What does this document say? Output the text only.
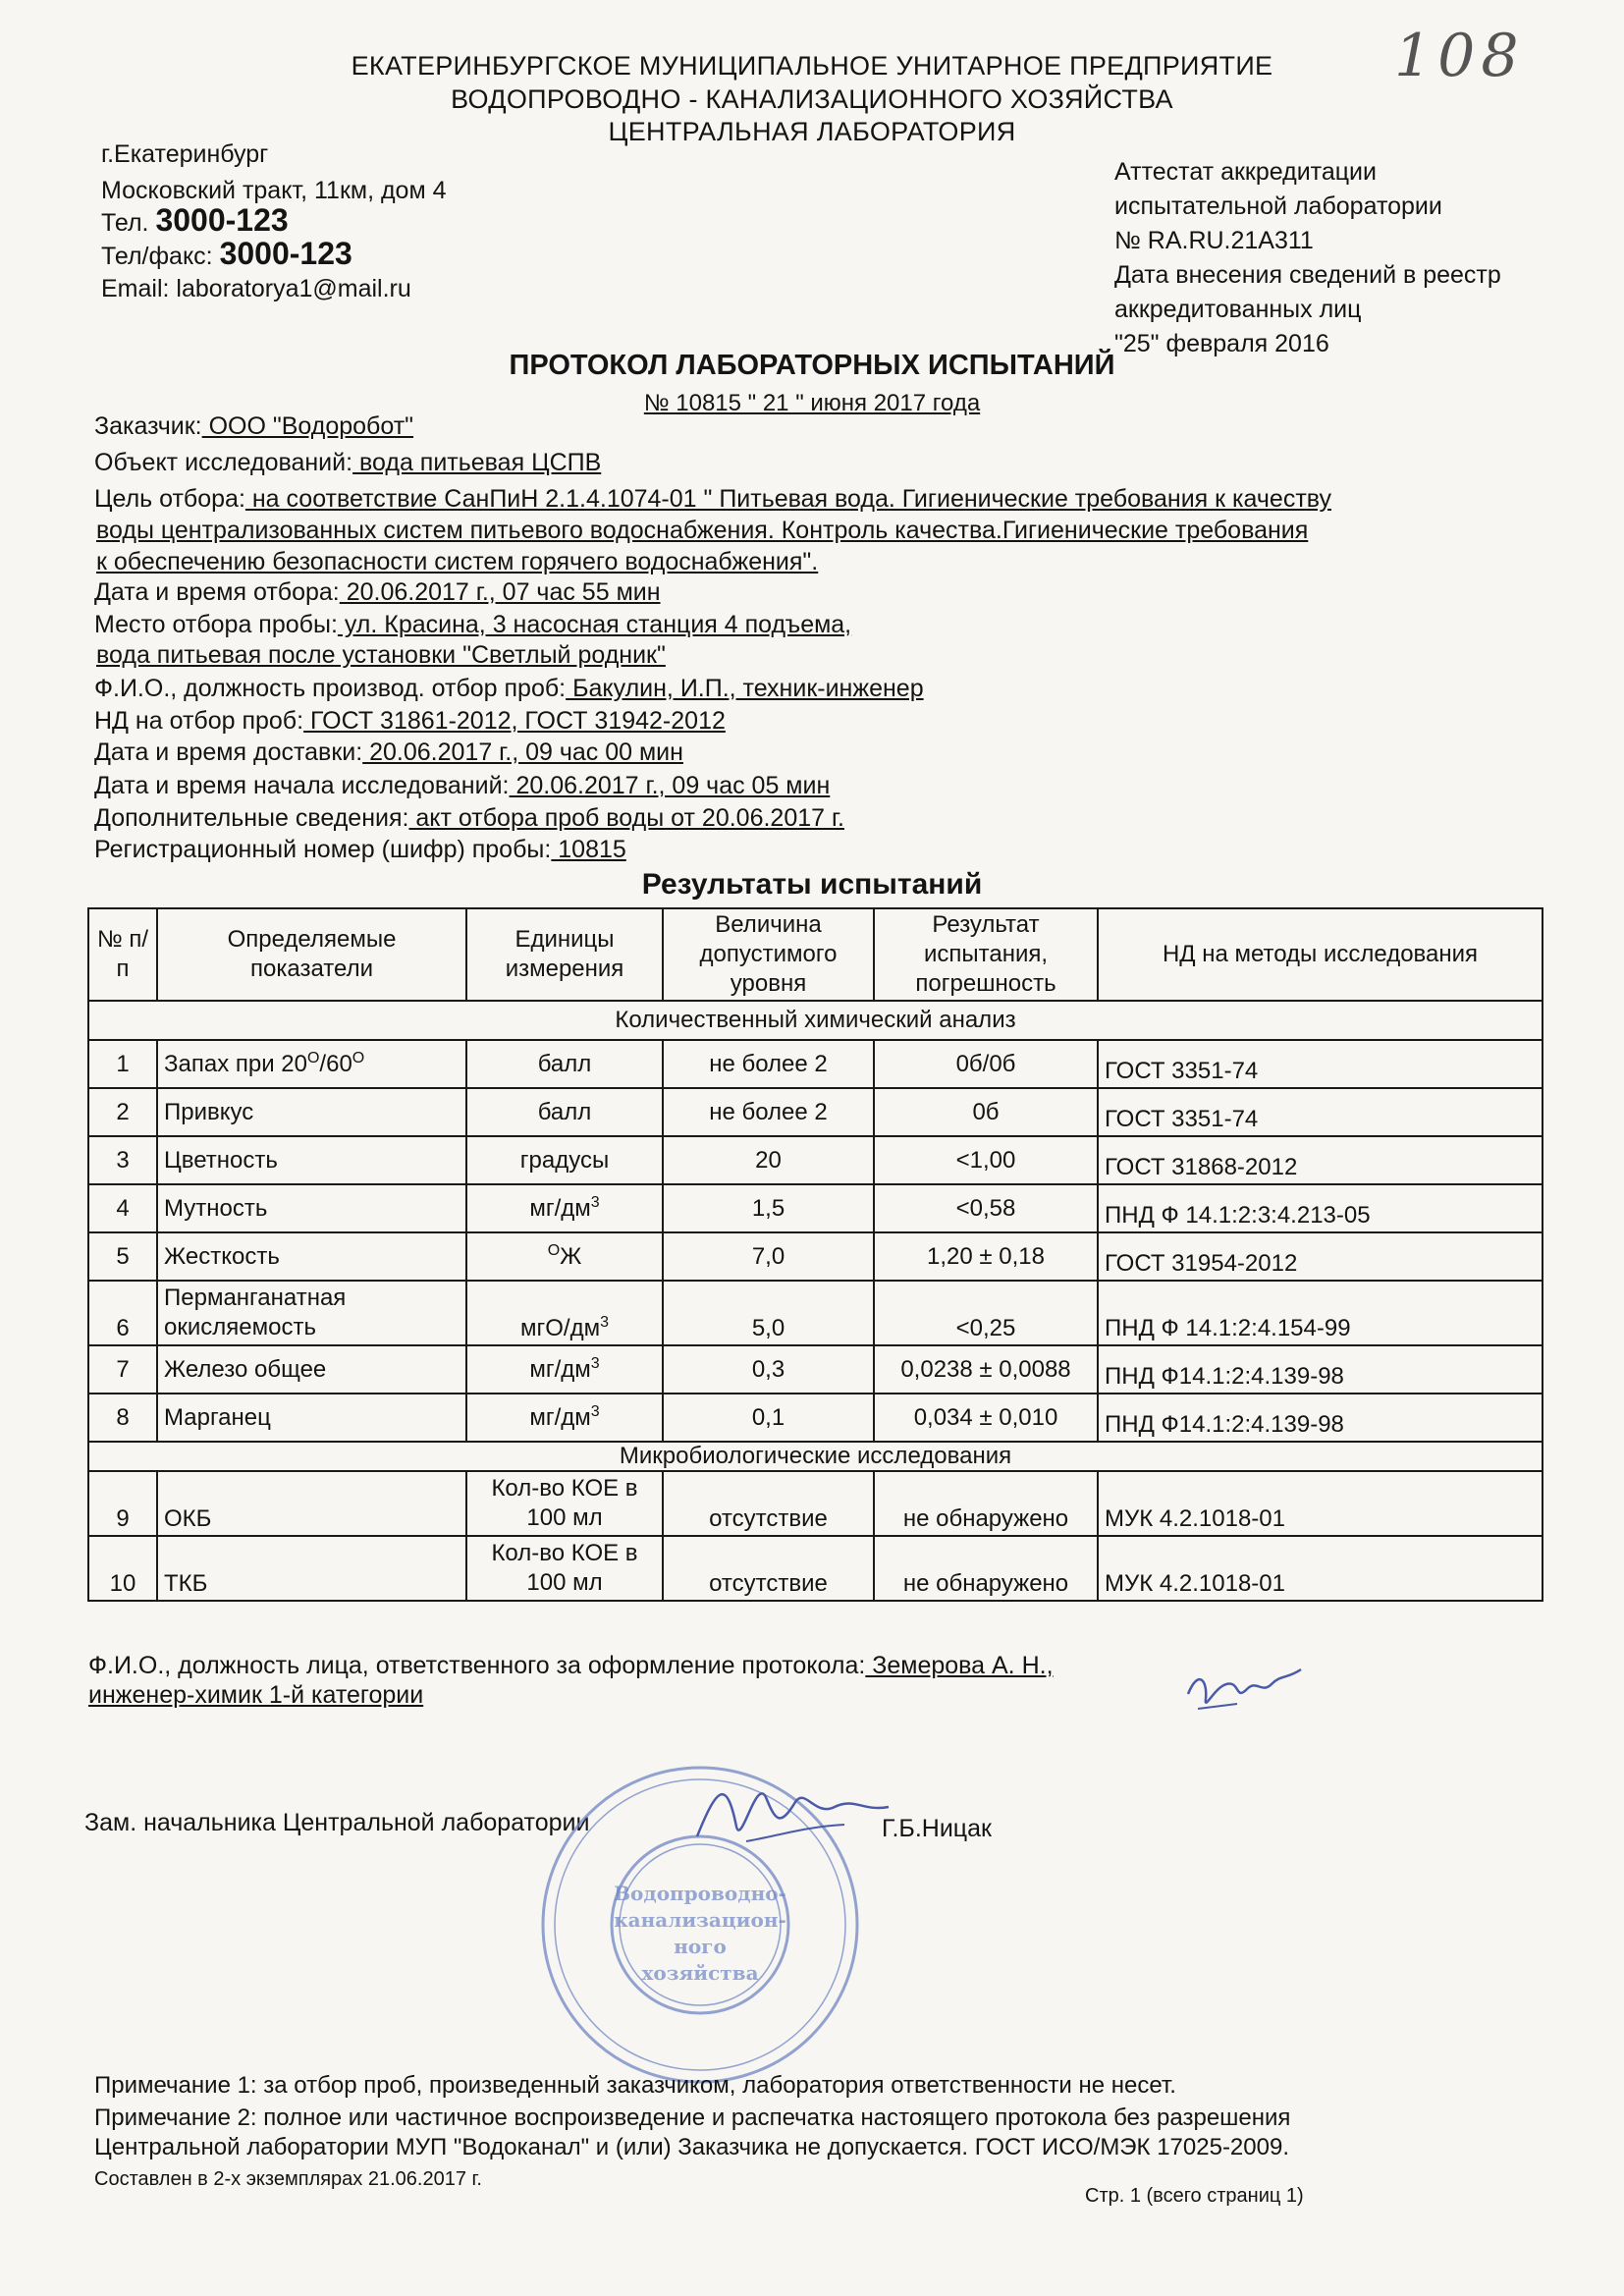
ЕКАТЕРИНБУРГСКОЕ МУНИЦИПАЛЬНОЕ УНИТАРНОЕ ПРЕДПРИЯТИЕ
ВОДОПРОВОДНО - КАНАЛИЗАЦИОННОГО ХОЗЯЙСТВА
ЦЕНТРАЛЬНАЯ ЛАБОРАТОРИЯ
108
г.Екатеринбург
Московский тракт, 11км, дом 4
Тел. 3000-123
Тел/факс: 3000-123
Email: laboratorya1@mail.ru
Аттестат аккредитации
испытательной лаборатории
№ RA.RU.21A311
Дата внесения сведений в реестр
аккредитованных лиц
"25" февраля 2016
ПРОТОКОЛ ЛАБОРАТОРНЫХ ИСПЫТАНИЙ
№ 10815 " 21 " июня 2017 года
Заказчик: ООО "Водоробот"
Объект исследований: вода питьевая ЦСПВ
Цель отбора: на соответствие СанПиН 2.1.4.1074-01 " Питьевая вода. Гигиенические требования к качеству
воды централизованных систем питьевого водоснабжения. Контроль качества.Гигиенические требования
к обеспечению безопасности систем горячего водоснабжения".
Дата и время отбора: 20.06.2017 г., 07 час 55 мин
Место отбора пробы: ул. Красина, 3 насосная станция 4 подъема,
вода питьевая после установки "Светлый родник"
Ф.И.О., должность производ. отбор проб: Бакулин, И.П., техник-инженер
НД на отбор проб: ГОСТ 31861-2012, ГОСТ 31942-2012
Дата и время доставки: 20.06.2017 г., 09 час 00 мин
Дата и время начала исследований: 20.06.2017 г., 09 час 05 мин
Дополнительные сведения: акт отбора проб воды от 20.06.2017 г.
Регистрационный номер (шифр) пробы: 10815
Результаты испытаний
№ п/п	Определяемые показатели	Единицы измерения	Величина допустимого уровня	Результат испытания, погрешность	НД на методы исследования
Количественный химический анализ					
1	Запах при $20^О/60^О$	балл	не более 2	0б/0б	ГОСТ 3351-74
2	Привкус	балл	не более 2	0б	ГОСТ 3351-74
3	Цветность	градусы	20	<1,00	ГОСТ 31868-2012
4	Мутность	$мг/дм^3$	1,5	<0,58	ПНД Ф 14.1:2:3:4.213-05
5	Жесткость	$^О$Ж	7,0	1,20 ± 0,18	ГОСТ 31954-2012
6	Перманганатная
окисляемость	мгО/$дм^3$	5,0	<0,25	ПНД Ф 14.1:2:4.154-99
7	Железо общее	$мг/дм^3$	0,3	0,0238 ± 0,0088	ПНД Ф14.1:2:4.139-98
8	Марганец	$мг/дм^3$	0,1	0,034 ± 0,010	ПНД Ф14.1:2:4.139-98
Микробиологические исследования					
9	ОКБ	Кол-во КОЕ в
100 мл	отсутствие	не обнаружено	МУК 4.2.1018-01
10	ТКБ	Кол-во КОЕ в
100 мл	отсутствие	не обнаружено	МУК 4.2.1018-01
Ф.И.О., должность лица, ответственного за оформление протокола: Земерова А. Н.,
инженер-химик 1-й категории
Зам. начальника Центральной лаборатории	Г.Б.Ницак
Водопроводно-
канализацион-
ного
хозяйства
Примечание 1: за отбор проб, произведенный заказчиком, лаборатория ответственности не несет.
Примечание 2: полное или частичное воспроизведение и распечатка настоящего протокола без разрешения
Центральной лаборатории МУП "Водоканал" и (или) Заказчика не допускается. ГОСТ ИСО/МЭК 17025-2009.
Составлен в 2-х экземплярах 21.06.2017 г.
Стр. 1 (всего страниц 1)
